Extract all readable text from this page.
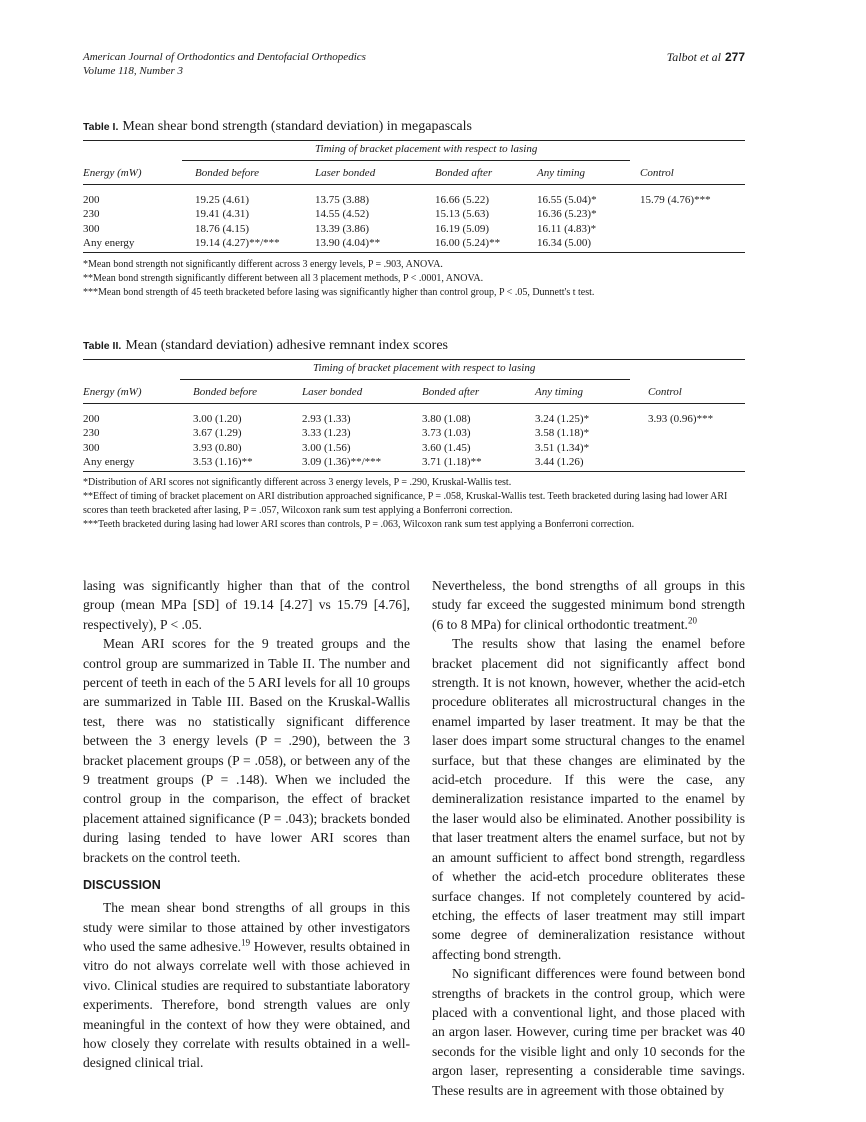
American Journal of Orthodontics and Dentofacial Orthopedics
Volume 118, Number 3
Talbot et al 277
Table I. Mean shear bond strength (standard deviation) in megapascals
Timing of bracket placement with respect to lasing
Energy (mW)	Bonded before	Laser bonded	Bonded after	Any timing	Control
200	19.25 (4.61)	13.75 (3.88)	16.66 (5.22)	16.55 (5.04)*	15.79 (4.76)***
230	19.41 (4.31)	14.55 (4.52)	15.13 (5.63)	16.36 (5.23)*
300	18.76 (4.15)	13.39 (3.86)	16.19 (5.09)	16.11 (4.83)*
Any energy	19.14 (4.27)**/***	13.90 (4.04)**	16.00 (5.24)**	16.34 (5.00)
*Mean bond strength not significantly different across 3 energy levels, P = .903, ANOVA.
**Mean bond strength significantly different between all 3 placement methods, P < .0001, ANOVA.
***Mean bond strength of 45 teeth bracketed before lasing was significantly higher than control group, P < .05, Dunnett's t test.
Table II. Mean (standard deviation) adhesive remnant index scores
Timing of bracket placement with respect to lasing
Energy (mW)	Bonded before	Laser bonded	Bonded after	Any timing	Control
200	3.00 (1.20)	2.93 (1.33)	3.80 (1.08)	3.24 (1.25)*	3.93 (0.96)***
230	3.67 (1.29)	3.33 (1.23)	3.73 (1.03)	3.58 (1.18)*
300	3.93 (0.80)	3.00 (1.56)	3.60 (1.45)	3.51 (1.34)*
Any energy	3.53 (1.16)**	3.09 (1.36)**/***	3.71 (1.18)**	3.44 (1.26)
*Distribution of ARI scores not significantly different across 3 energy levels, P = .290, Kruskal-Wallis test.
**Effect of timing of bracket placement on ARI distribution approached significance, P = .058, Kruskal-Wallis test. Teeth bracketed during lasing had lower ARI scores than teeth bracketed after lasing, P = .057, Wilcoxon rank sum test applying a Bonferroni correction.
***Teeth bracketed during lasing had lower ARI scores than controls, P = .063, Wilcoxon rank sum test applying a Bonferroni correction.

lasing was significantly higher than that of the control group (mean MPa [SD] of 19.14 [4.27] vs 15.79 [4.76], respectively), P < .05.

Mean ARI scores for the 9 treated groups and the control group are summarized in Table II. The number and percent of teeth in each of the 5 ARI levels for all 10 groups are summarized in Table III. Based on the Kruskal-Wallis test, there was no statistically significant difference between the 3 energy levels (P = .290), between the 3 bracket placement groups (P = .058), or between any of the 9 treatment groups (P = .148). When we included the control group in the comparison, the effect of bracket placement attained significance (P = .043); brackets bonded during lasing tended to have lower ARI scores than brackets on the control teeth.

DISCUSSION

The mean shear bond strengths of all groups in this study were similar to those attained by other investigators who used the same adhesive.$^{19}$ However, results obtained in vitro do not always correlate well with those achieved in vivo. Clinical studies are required to substantiate laboratory experiments. Therefore, bond strength values are only meaningful in the context of how they were obtained, and how closely they correlate with results obtained in a well-designed clinical trial.

Nevertheless, the bond strengths of all groups in this study far exceed the suggested minimum bond strength (6 to 8 MPa) for clinical orthodontic treatment.$^{20}$

The results show that lasing the enamel before bracket placement did not significantly affect bond strength. It is not known, however, whether the acid-etch procedure obliterates all microstructural changes in the enamel imparted by laser treatment. It may be that the laser does impart some structural changes to the enamel surface, but that these changes are eliminated by the acid-etch procedure. If this were the case, any demineralization resistance imparted to the enamel by the laser would also be eliminated. Another possibility is that laser treatment alters the enamel surface, but not by an amount sufficient to affect bond strength, regardless of whether the acid-etch procedure obliterates these surface changes. If not completely countered by acid-etching, the effects of laser treatment may still impart some degree of demineralization resistance without affecting bond strength.

No significant differences were found between bond strengths of brackets in the control group, which were placed with a conventional light, and those placed with an argon laser. However, curing time per bracket was 40 seconds for the visible light and only 10 seconds for the argon laser, representing a considerable time savings. These results are in agreement with those obtained by
